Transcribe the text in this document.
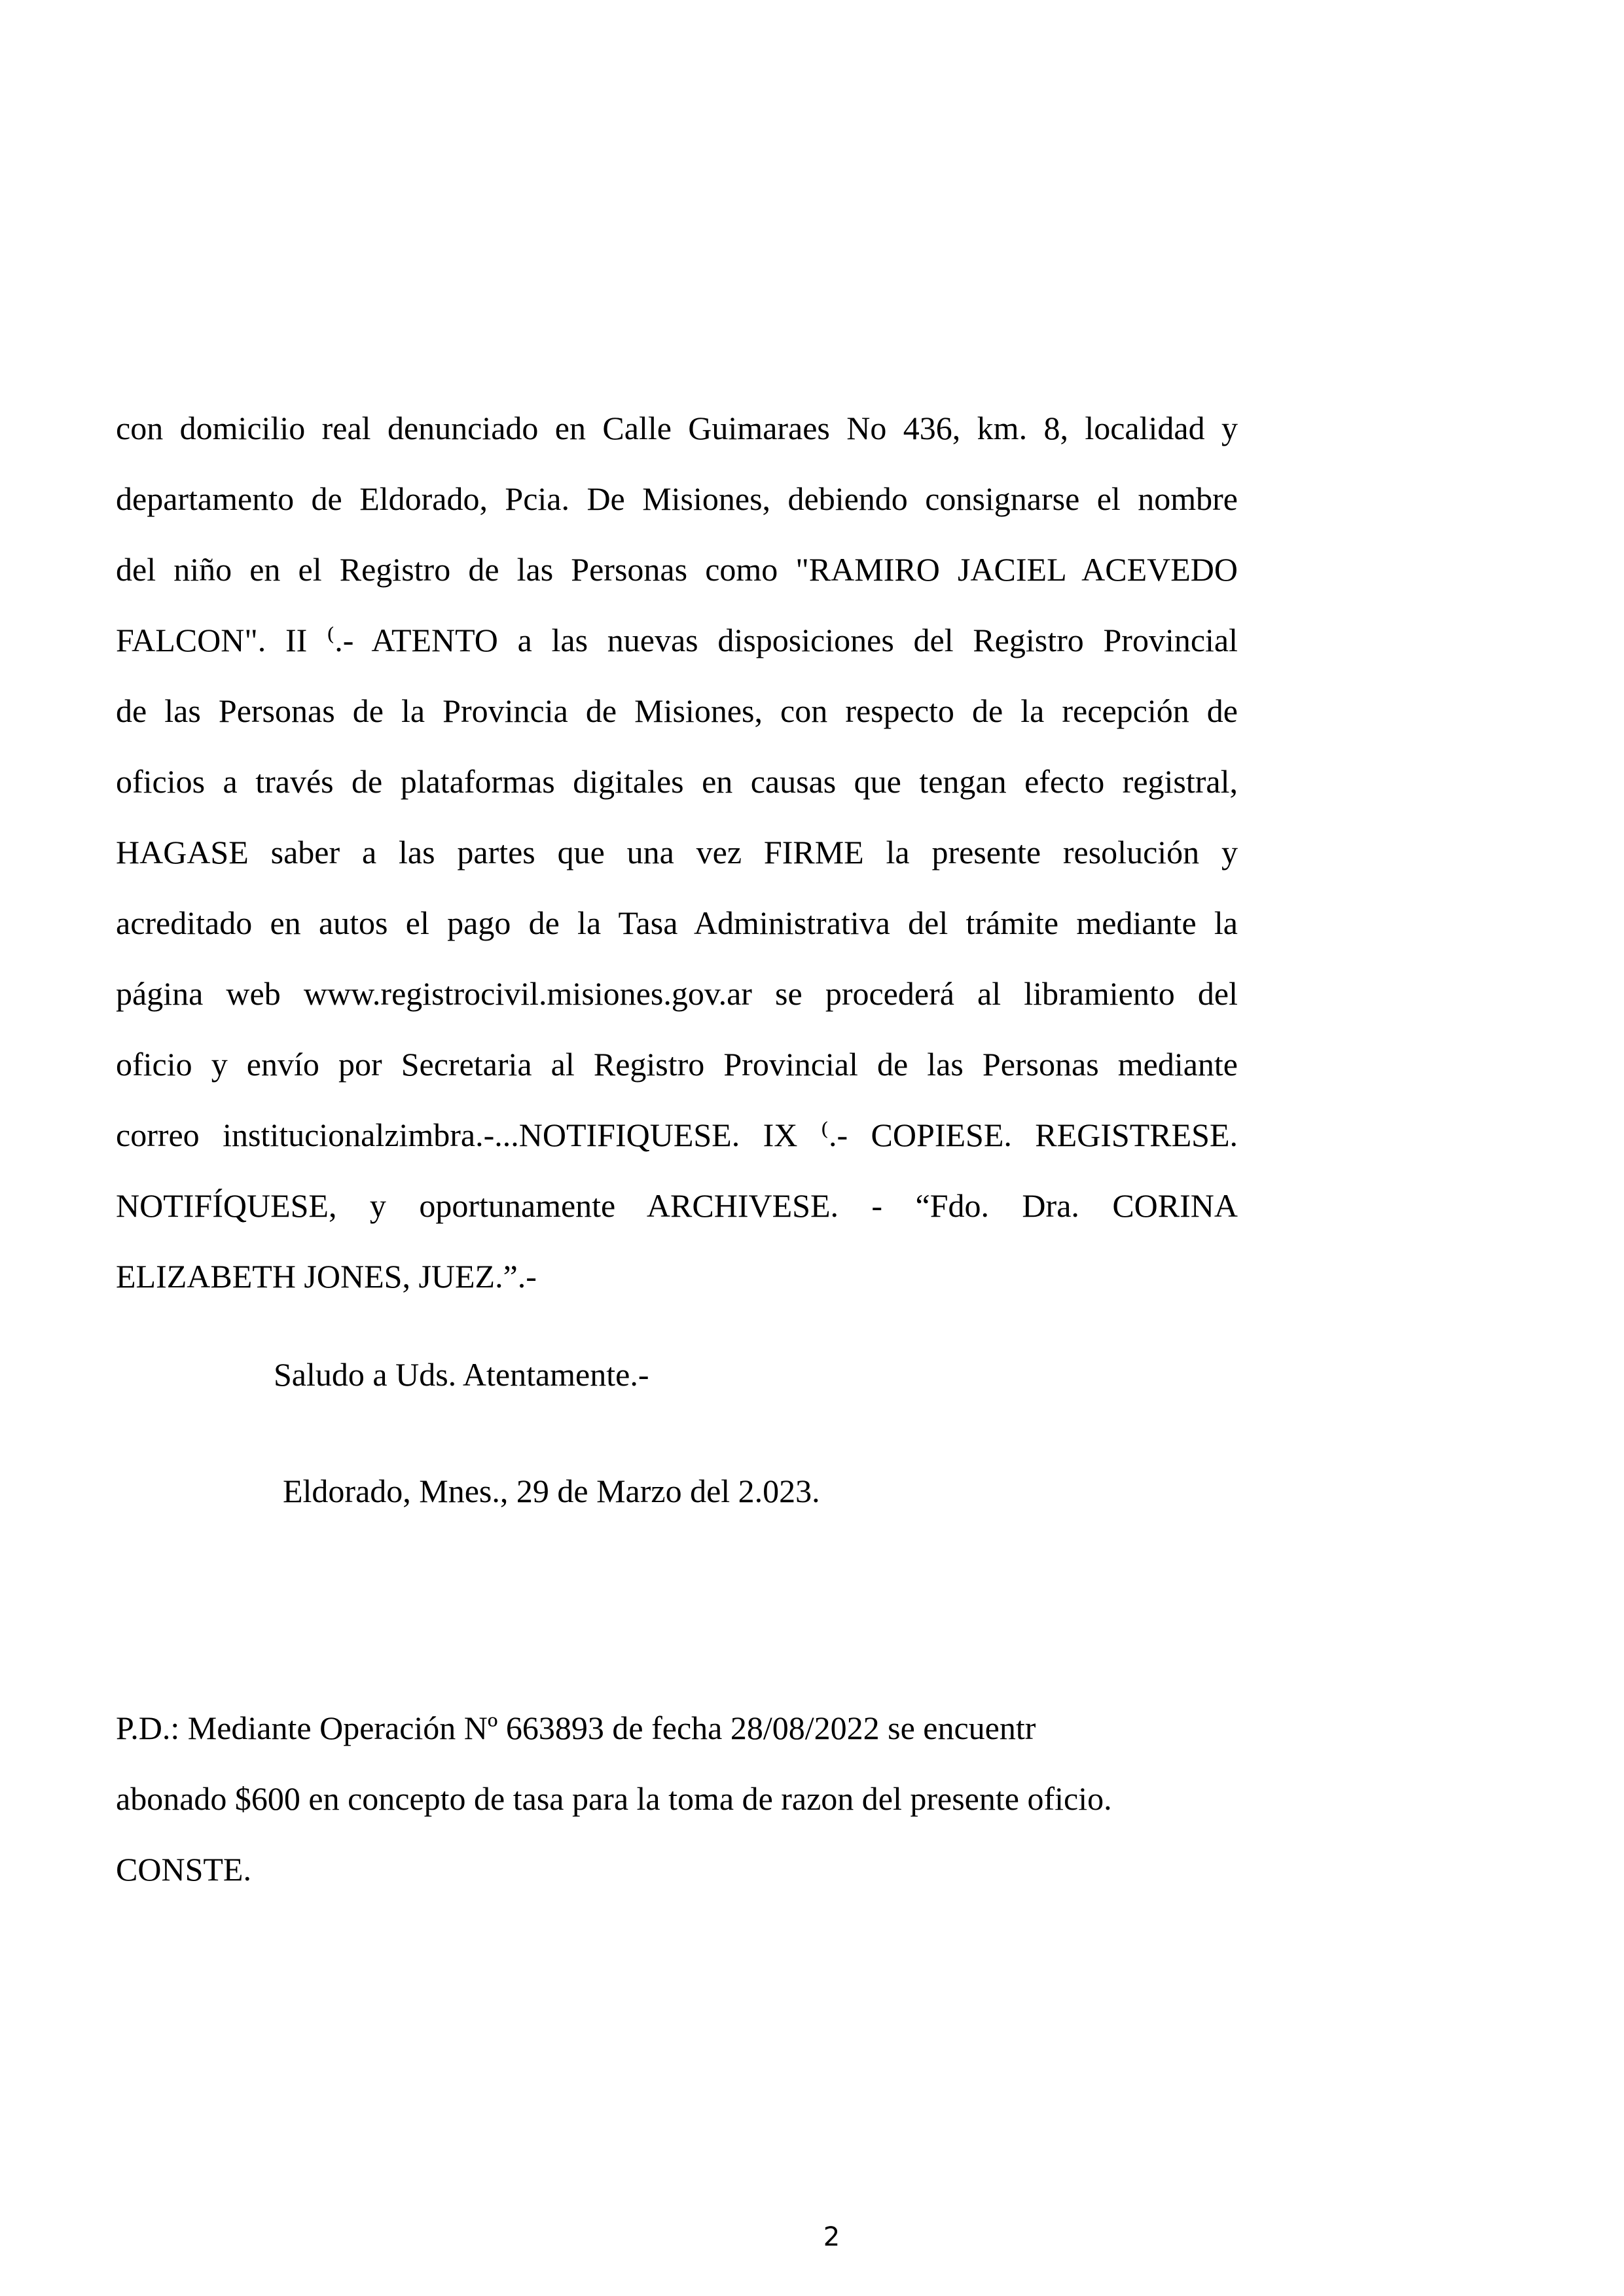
con domicilio real denunciado en Calle Guimaraes No 436, km. 8, localidad y
departamento de Eldorado, Pcia. De Misiones, debiendo consignarse el nombre
del niño en el Registro de las Personas como "RAMIRO JACIEL ACEVEDO
FALCON". II ⁽.- ATENTO a las nuevas disposiciones del Registro Provincial
de las Personas de la Provincia de Misiones, con respecto de la recepción de
oficios a través de plataformas digitales en causas que tengan efecto registral,
HAGASE saber a las partes que una vez FIRME la presente resolución y
acreditado en autos el pago de la Tasa Administrativa del trámite mediante la
página web www.registrocivil.misiones.gov.ar se procederá al libramiento del
oficio y envío por Secretaria al Registro Provincial de las Personas mediante
correo institucionalzimbra.-...NOTIFIQUESE. IX ⁽.- COPIESE. REGISTRESE.
NOTIFÍQUESE, y oportunamente ARCHIVESE. - “Fdo. Dra. CORINA
ELIZABETH JONES, JUEZ.”.-
Saludo a Uds. Atentamente.-
Eldorado, Mnes., 29 de Marzo del 2.023.
P.D.: Mediante Operación Nº 663893 de fecha 28/08/2022 se encuentr
abonado $600 en concepto de tasa para la toma de razon del presente oficio.
CONSTE.
2
